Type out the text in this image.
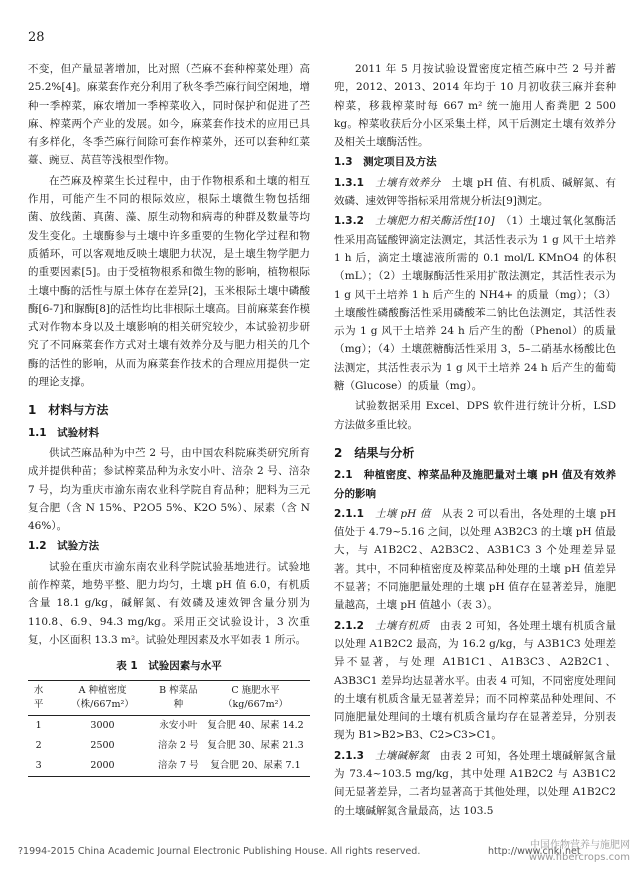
28

不变，但产量显著增加，比对照（苎麻不套种榨菜处理）高 25.2%[4]。麻菜套作充分利用了秋冬季苎麻行间空闲地，增种一季榨菜，麻农增加一季榨菜收入，同时保护和促进了苎麻、榨菜两个产业的发展。如今，麻菜套作技术的应用已具有多样化，冬季苎麻行间除可套作榨菜外，还可以套种红菜薹、豌豆、莴苣等浅根型作物。

在苎麻及榨菜生长过程中，由于作物根系和土壤的相互作用，可能产生不同的根际效应，根际土壤微生物包括细菌、放线菌、真菌、藻、原生动物和病毒的种群及数量等均发生变化。土壤酶参与土壤中许多重要的生物化学过程和物质循环，可以客观地反映土壤肥力状况，是土壤生物学肥力的重要因素[5]。由于受植物根系和微生物的影响，植物根际土壤中酶的活性与原土体存在差异[2]，玉米根际土壤中磷酸酶[6-7]和脲酶[8]的活性均比非根际土壤高。目前麻菜套作模式对作物本身以及土壤影响的相关研究较少，本试验初步研究了不同麻菜套作方式对土壤有效养分及与肥力相关的几个酶的活性的影响，从而为麻菜套作技术的合理应用提供一定的理论支撑。

1　材料与方法
1.1　试验材料

供试苎麻品种为中苎 2 号，由中国农科院麻类研究所育成并提供种苗；参试榨菜品种为永安小叶、涪杂 2 号、涪杂 7 号，均为重庆市渝东南农业科学院自育品种；肥料为三元复合肥（含 N 15%、P2O5 5%、K2O 5%）、尿素（含 N 46%）。

1.2　试验方法

试验在重庆市渝东南农业科学院试验基地进行。试验地前作榨菜，地势平整、肥力均匀，土壤 pH 值 6.0，有机质含量 18.1 g/kg，碱解氮、有效磷及速效钾含量分别为 110.8、6.9、94.3 mg/kg。采用正交试验设计，3 次重复，小区面积 13.3 m²。试验处理因素及水平如表 1 所示。

表 1　试验因素与水平
水平	A 种植密度（株/667m²）	B 榨菜品种	C 施肥水平（kg/667m²）
1	3000	永安小叶	复合肥 40、尿素 14.2
2	2500	涪杂 2 号	复合肥 30、尿素 21.3
3	2000	涪杂 7 号	复合肥 20、尿素 7.1

2011 年 5 月按试验设置密度定植苎麻中苎 2 号并蓄兜，2012、2013、2014 年均于 10 月初收获三麻并套种榨菜，移栽榨菜时每 667 m² 统一施用人畜粪肥 2 500 kg。榨菜收获后分小区采集土样，风干后测定土壤有效养分及相关土壤酶活性。

1.3　测定项目及方法

1.3.1　 土壤有效养分　 土壤 pH 值、有机质、碱解氮、有效磷、速效钾等指标采用常规分析法[9]测定。

1.3.2　 土壤肥力相关酶活性[10]　 （1）土壤过氧化氢酶活性采用高锰酸钾滴定法测定，其活性表示为 1 g 风干土培养 1 h 后，滴定土壤滤液所需的 0.1 mol/L KMnO4 的体积（mL）；（2）土壤脲酶活性采用扩散法测定，其活性表示为 1 g 风干土培养 1 h 后产生的 NH4+ 的质量（mg）；（3）土壤酸性磷酸酶活性采用磷酸苯二钠比色法测定，其活性表示为 1 g 风干土培养 24 h 后产生的酚（Phenol）的质量（mg）；（4）土壤蔗糖酶活性采用 3，5–二硝基水杨酸比色法测定，其活性表示为 1 g 风干土培养 24 h 后产生的葡萄糖（Glucose）的质量（mg）。

试验数据采用 Excel、DPS 软件进行统计分析，LSD 方法做多重比较。

2　结果与分析
2.1　种植密度、榨菜品种及施肥量对土壤 pH 值及有效养分的影响

2.1.1　 土壤 pH 值　 从表 2 可以看出，各处理的土壤 pH 值处于 4.79~5.16 之间，以处理 A3B2C3 的土壤 pH 值最大，与 A1B2C2、A2B3C2、A3B1C3 3 个处理差异显著。其中，不同种植密度及榨菜品种处理的土壤 pH 值差异不显著；不同施肥量处理的土壤 pH 值存在显著差异，施肥量越高，土壤 pH 值越小（表 3）。

2.1.2　 土壤有机质　 由表 2 可知，各处理土壤有机质含量以处理 A1B2C2 最高，为 16.2 g/kg，与 A3B1C3 处理差异不显著，与处理 A1B1C1、A1B3C3、A2B2C1、A3B3C1 差异均达显著水平。由表 4 可知，不同密度处理间的土壤有机质含量无显著差异；而不同榨菜品种处理间、不同施肥量处理间的土壤有机质含量均存在显著差异，分别表现为 B1>B2>B3、C2>C3>C1。

2.1.3　 土壤碱解氮　 由表 2 可知，各处理土壤碱解氮含量为 73.4~103.5 mg/kg，其中处理 A1B2C2 与 A3B1C2 间无显著差异，二者均显著高于其他处理，以处理 A1B2C2 的土壤碱解氮含量最高，达 103.5

?1994-2015 China Academic Journal Electronic Publishing House. All rights reserved.	http://www.cnki.net
中国作物营养与施肥网
www.fibercrops.com
